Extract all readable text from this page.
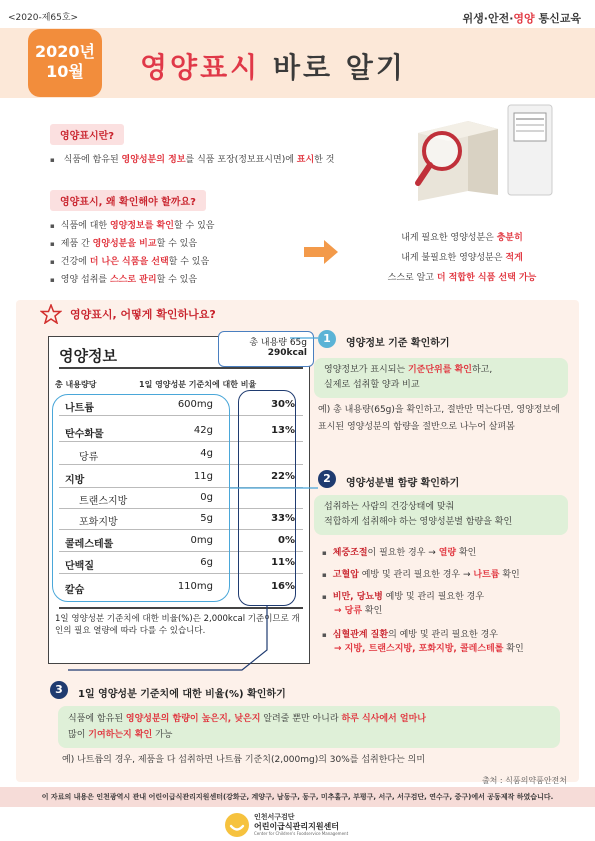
<2020-제65호>	위생·안전·영양 통신교육
2020년
10월	영양표시 바로 알기
영양표시란?
▪ 식품에 함유된 영양성분의 정보를 식품 포장(정보표시면)에 표시한 것
영양표시, 왜 확인해야 할까요?
▪ 식품에 대한 영양정보를 확인할 수 있음
▪ 제품 간 영양성분을 비교할 수 있음
▪ 건강에 더 나은 식품을 선택할 수 있음
▪ 영양 섭취를 스스로 관리할 수 있음
내게 필요한 영양성분은 충분히
내게 불필요한 영양성분은 적게
스스로 알고 더 적합한 식품 선택 가능
영양표시, 어떻게 확인하나요?
영양정보
총 내용량당	1일 영양성분 기준치에 대한 비율
나트륨	600mg	30%
탄수화물	42g	13%
당류	4g
지방	11g	22%
트랜스지방	0g
포화지방	5g	33%
콜레스테롤	0mg	0%
단백질	6g	11%
칼슘	110mg	16%
1일 영양성분 기준치에 대한 비율(%)은 2,000kcal 기준이므로 개인의 필요 열량에 따라 다를 수 있습니다.
총 내용량 65g
290kcal
1	영양정보 기준 확인하기
영양정보가 표시되는 기준단위를 확인하고,
실제로 섭취할 양과 비교
예) 총 내용량(65g)을 확인하고, 절반만 먹는다면, 영양정보에 표시된 영양성분의 함량을 절반으로 나누어 살펴봄
2	영양성분별 함량 확인하기
섭취하는 사람의 건강상태에 맞춰
적합하게 섭취해야 하는 영양성분별 함량을 확인
▪ 체중조절이 필요한 경우 → 열량 확인
▪ 고혈압 예방 및 관리 필요한 경우 → 나트륨 확인
▪ 비만, 당뇨병 예방 및 관리 필요한 경우
→ 당류 확인
▪ 심혈관계 질환의 예방 및 관리 필요한 경우
→ 지방, 트랜스지방, 포화지방, 콜레스테롤 확인
3	1일 영양성분 기준치에 대한 비율(%) 확인하기
식품에 함유된 영양성분의 함량이 높은지, 낮은지 알려줄 뿐만 아니라 하루 식사에서 얼마나
많이 기여하는지 확인 가능
예) 나트륨의 경우, 제품을 다 섭취하면 나트륨 기준치(2,000mg)의 30%를 섭취한다는 의미
출처 : 식품의약품안전처
이 자료의 내용은 인천광역시 관내 어린이급식관리지원센터(강화군, 계양구, 남동구, 동구, 미추홀구, 부평구, 서구, 서구검단, 연수구, 중구)에서 공동제작 하였습니다.
인천서구검단
어린이급식관리지원센터
Center for Children's Foodservice Management
